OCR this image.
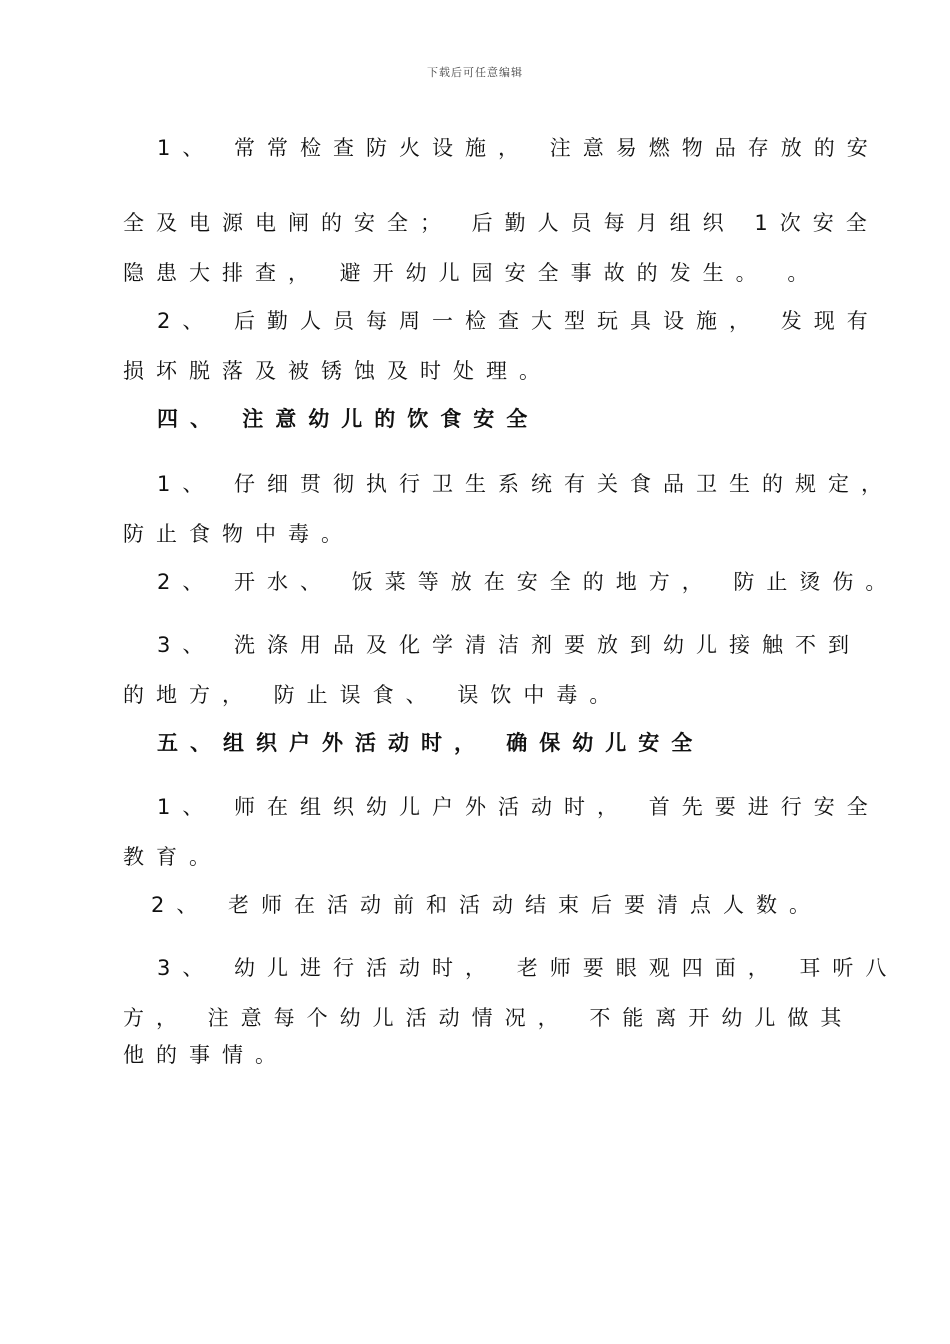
下载后可任意编辑
1、 常常检查防火设施， 注意易燃物品存放的安
全及电源电闸的安全； 后勤人员每月组织 1次安全
隐患大排查， 避开幼儿园安全事故的发生。 。
2、 后勤人员每周一检查大型玩具设施， 发现有
损坏脱落及被锈蚀及时处理。
四、 注意幼儿的饮食安全
1、 仔细贯彻执行卫生系统有关食品卫生的规定，
防止食物中毒。
2、 开水、 饭菜等放在安全的地方， 防止烫伤。
3、 洗涤用品及化学清洁剂要放到幼儿接触不到
的地方， 防止误食、 误饮中毒。
五、组织户外活动时， 确保幼儿安全
1、 师在组织幼儿户外活动时， 首先要进行安全
教育。
2、 老师在活动前和活动结束后要清点人数。
3、 幼儿进行活动时， 老师要眼观四面， 耳听八
方， 注意每个幼儿活动情况， 不能离开幼儿做其
他的事情。
